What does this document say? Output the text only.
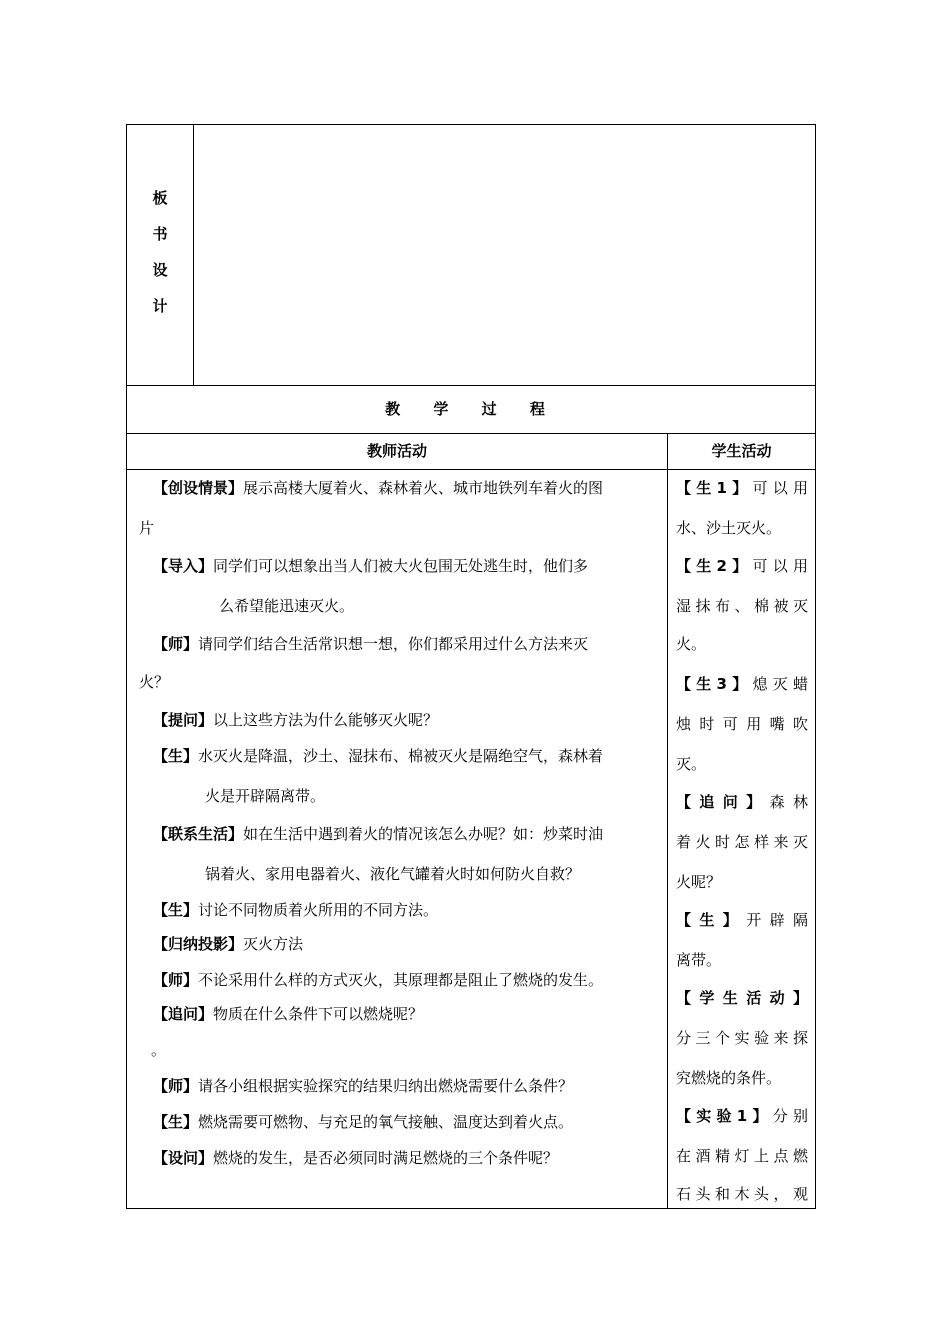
板
书
设
计
教 学 过 程
教师活动	学生活动
【创设情景】展示高楼大厦着火、森林着火、城市地铁列车着火的图
片
【导入】同学们可以想象出当人们被大火包围无处逃生时，他们多
么希望能迅速灭火。
【师】请同学们结合生活常识想一想，你们都采用过什么方法来灭
火？
【提问】以上这些方法为什么能够灭火呢？
【生】水灭火是降温，沙土、湿抹布、棉被灭火是隔绝空气，森林着
火是开辟隔离带。
【联系生活】如在生活中遇到着火的情况该怎么办呢？如：炒菜时油
锅着火、家用电器着火、液化气罐着火时如何防火自救？
【生】讨论不同物质着火所用的不同方法。
【归纳投影】灭火方法
【师】不论采用什么样的方式灭火，其原理都是阻止了燃烧的发生。
【追问】物质在什么条件下可以燃烧呢？
。
【师】请各小组根据实验探究的结果归纳出燃烧需要什么条件？
【生】燃烧需要可燃物、与充足的氧气接触、温度达到着火点。
【设问】燃烧的发生，是否必须同时满足燃烧的三个条件呢？
【生1】可以用
水、沙土灭火。
【生2】可以用
湿抹布、棉被灭
火。
【生3】熄灭蜡
烛时可用嘴吹
灭。
【追问】森林
着火时怎样来灭
火呢？
【生】开辟隔
离带。
【学生活动】
分三个实验来探
究燃烧的条件。
【实验1】分别
在酒精灯上点燃
石头和木头，观
